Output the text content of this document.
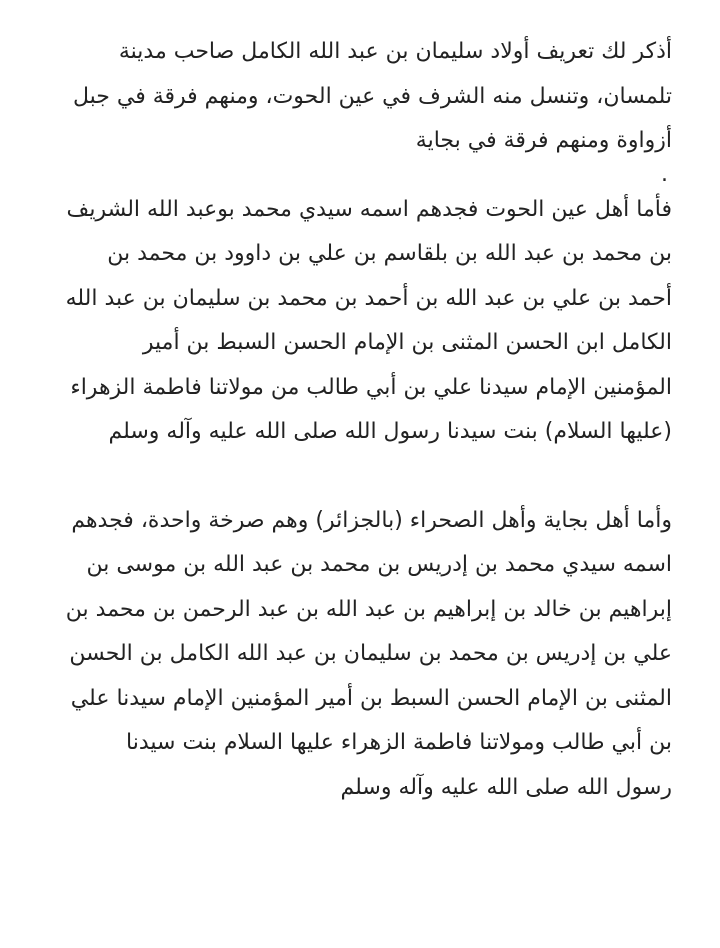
أذكر لك تعريف أولاد سليمان بن عبد الله الكامل صاحب مدينة تلمسان، وتنسل منه الشرف في عين الحوت، ومنهم فرقة في جبل أزواوة ومنهم فرقة في بجاية

.

فأما أهل عين الحوت فجدهم اسمه سيدي محمد بوعبد الله الشريف بن محمد بن عبد الله بن بلقاسم بن علي بن داوود بن محمد بن أحمد بن علي بن عبد الله بن أحمد بن محمد بن سليمان بن عبد الله الكامل ابن الحسن المثنى بن الإمام الحسن السبط بن أمير المؤمنين الإمام سيدنا علي بن أبي طالب من مولاتنا فاطمة الزهراء (عليها السلام) بنت سيدنا رسول الله صلى الله عليه وآله وسلم

وأما أهل بجاية وأهل الصحراء (بالجزائر) وهم صرخة واحدة، فجدهم اسمه سيدي محمد بن إدريس بن محمد بن عبد الله بن موسى بن إبراهيم بن خالد بن إبراهيم بن عبد الله بن عبد الرحمن بن محمد بن علي بن إدريس بن محمد بن سليمان بن عبد الله الكامل بن الحسن المثنى بن الإمام الحسن السبط بن أمير المؤمنين الإمام سيدنا علي بن أبي طالب ومولاتنا فاطمة الزهراء عليها السلام بنت سيدنا رسول الله صلى الله عليه وآله وسلم
